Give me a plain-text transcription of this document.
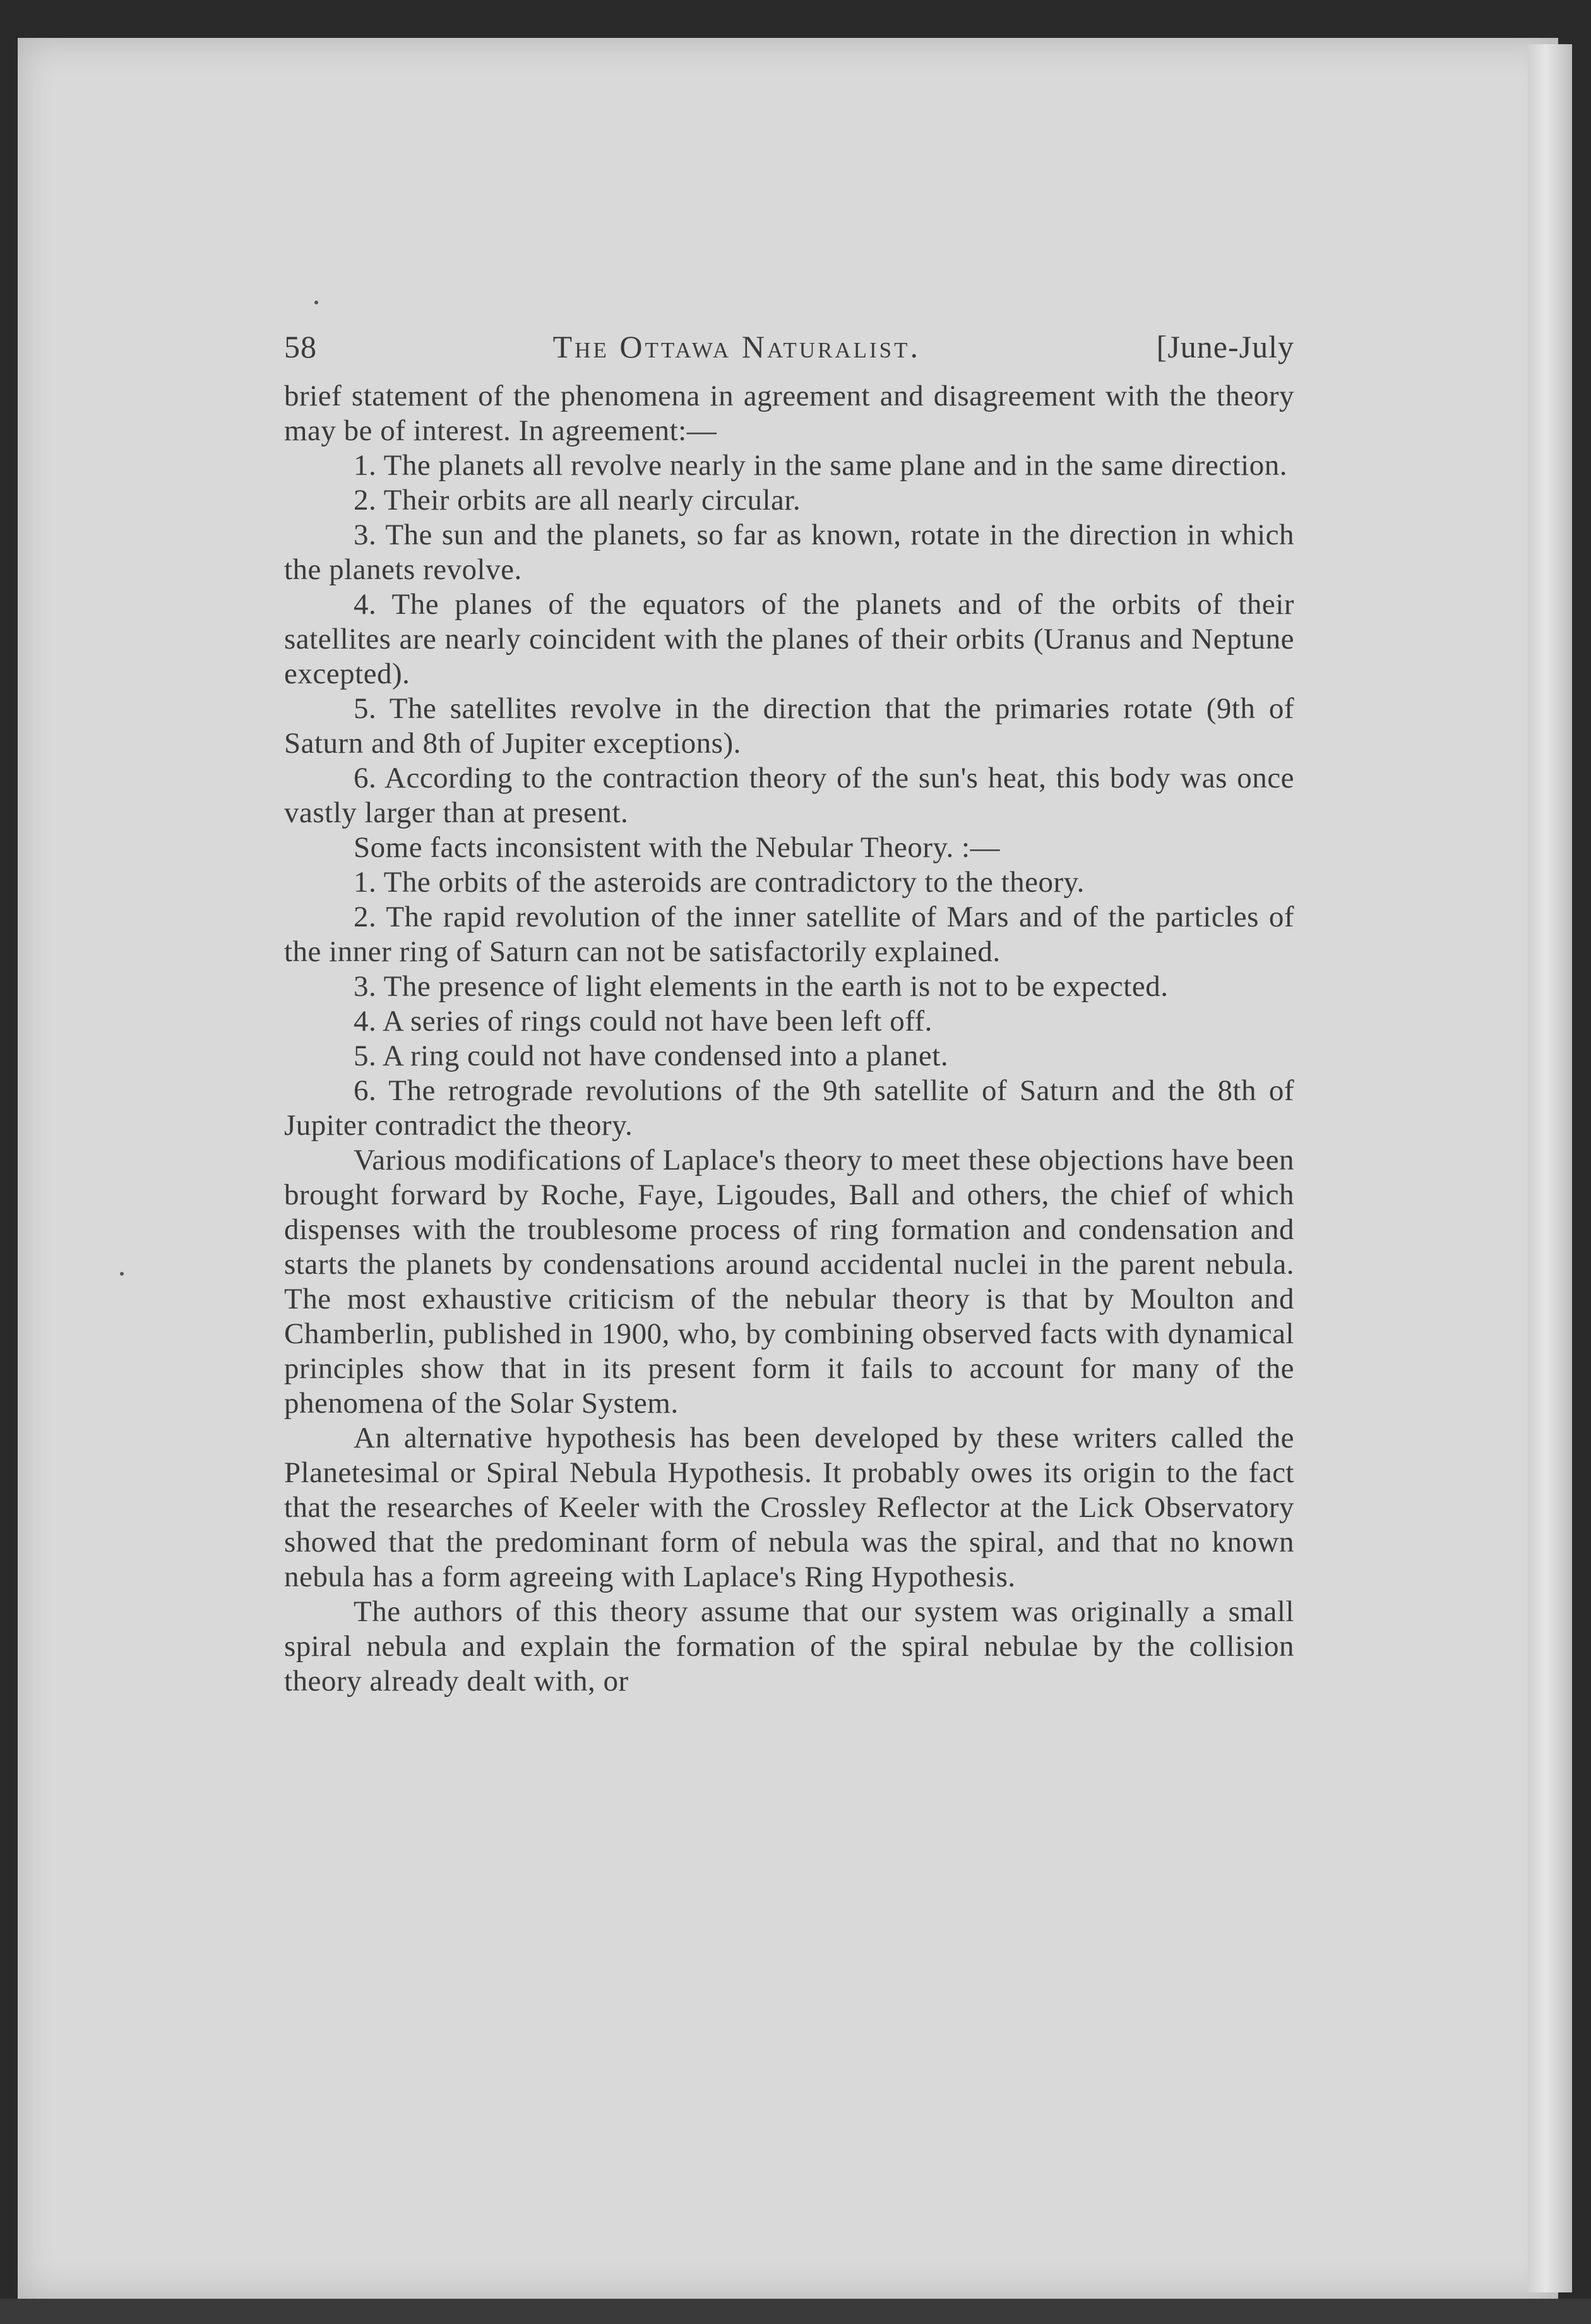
58	The Ottawa Naturalist.	[June-July

brief statement of the phenomena in agreement and disagreement with the theory may be of interest. In agreement:—

1. The planets all revolve nearly in the same plane and in the same direction.

2. Their orbits are all nearly circular.

3. The sun and the planets, so far as known, rotate in the direction in which the planets revolve.

4. The planes of the equators of the planets and of the orbits of their satellites are nearly coincident with the planes of their orbits (Uranus and Neptune excepted).

5. The satellites revolve in the direction that the primaries rotate (9th of Saturn and 8th of Jupiter exceptions).

6. According to the contraction theory of the sun's heat, this body was once vastly larger than at present.

Some facts inconsistent with the Nebular Theory. :—

1. The orbits of the asteroids are contradictory to the theory.

2. The rapid revolution of the inner satellite of Mars and of the particles of the inner ring of Saturn can not be satisfactorily explained.

3. The presence of light elements in the earth is not to be expected.

4. A series of rings could not have been left off.

5. A ring could not have condensed into a planet.

6. The retrograde revolutions of the 9th satellite of Saturn and the 8th of Jupiter contradict the theory.

Various modifications of Laplace's theory to meet these objections have been brought forward by Roche, Faye, Ligoudes, Ball and others, the chief of which dispenses with the troublesome process of ring formation and condensation and starts the planets by condensations around accidental nuclei in the parent nebula. The most exhaustive criticism of the nebular theory is that by Moulton and Chamberlin, published in 1900, who, by combining observed facts with dynamical principles show that in its present form it fails to account for many of the phenomena of the Solar System.

An alternative hypothesis has been developed by these writers called the Planetesimal or Spiral Nebula Hypothesis. It probably owes its origin to the fact that the researches of Keeler with the Crossley Reflector at the Lick Observatory showed that the predominant form of nebula was the spiral, and that no known nebula has a form agreeing with Laplace's Ring Hypothesis.

The authors of this theory assume that our system was originally a small spiral nebula and explain the formation of the spiral nebulae by the collision theory already dealt with, or
